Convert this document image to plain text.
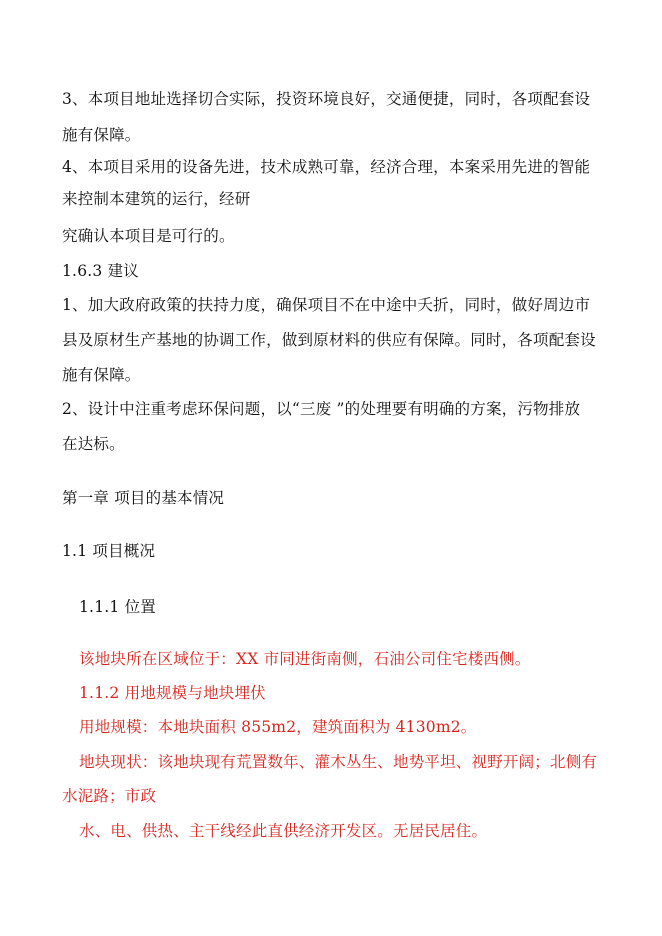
3、本项目地址选择切合实际，投资环境良好，交通便捷，同时，各项配套设
施有保障。
4、本项目采用的设备先进，技术成熟可靠，经济合理，本案采用先进的智能
来控制本建筑的运行，经研
究确认本项目是可行的。
1.6.3 建议
1、加大政府政策的扶持力度，确保项目不在中途中夭折，同时，做好周边市
县及原材生产基地的协调工作，做到原材料的供应有保障。同时，各项配套设
施有保障。
2、设计中注重考虑环保问题，以“三废 ”的处理要有明确的方案，污物排放
在达标。
第一章 项目的基本情况
1.1 项目概况
1.1.1 位置
该地块所在区域位于：XX 市同进街南侧，石油公司住宅楼西侧。
1.1.2 用地规模与地块埋伏
用地规模：本地块面积 855m2，建筑面积为 4130m2。
地块现状：该地块现有荒置数年、灌木丛生、地势平坦、视野开阔；北侧有
水泥路；市政
水、电、供热、主干线经此直供经济开发区。无居民居住。
